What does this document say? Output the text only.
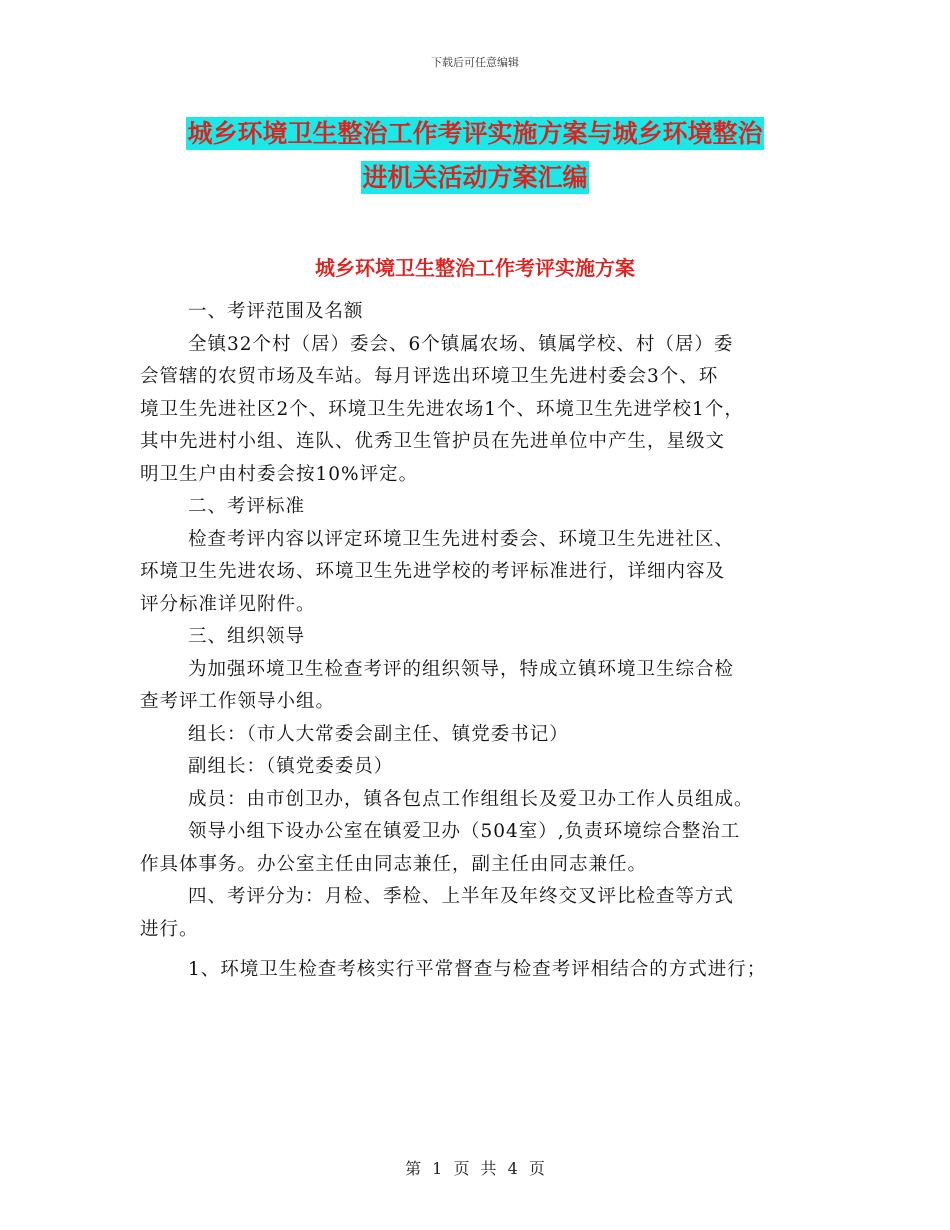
下载后可任意编辑
城乡环境卫生整治工作考评实施方案与城乡环境整治
进机关活动方案汇编
城乡环境卫生整治工作考评实施方案
一、考评范围及名额
全镇32个村（居）委会、6个镇属农场、镇属学校、村（居）委
会管辖的农贸市场及车站。每月评选出环境卫生先进村委会3个、环
境卫生先进社区2个、环境卫生先进农场1个、环境卫生先进学校1个，
其中先进村小组、连队、优秀卫生管护员在先进单位中产生，星级文
明卫生户由村委会按10%评定。
二、考评标准
检查考评内容以评定环境卫生先进村委会、环境卫生先进社区、
环境卫生先进农场、环境卫生先进学校的考评标准进行，详细内容及
评分标准详见附件。
三、组织领导
为加强环境卫生检查考评的组织领导，特成立镇环境卫生综合检
查考评工作领导小组。
组长：（市人大常委会副主任、镇党委书记）
副组长：（镇党委委员）
成员：由市创卫办，镇各包点工作组组长及爱卫办工作人员组成。
领导小组下设办公室在镇爱卫办（504室）,负责环境综合整治工
作具体事务。办公室主任由同志兼任，副主任由同志兼任。
四、考评分为：月检、季检、上半年及年终交叉评比检查等方式
进行。
1、环境卫生检查考核实行平常督查与检查考评相结合的方式进行；
第 1 页 共 4 页
